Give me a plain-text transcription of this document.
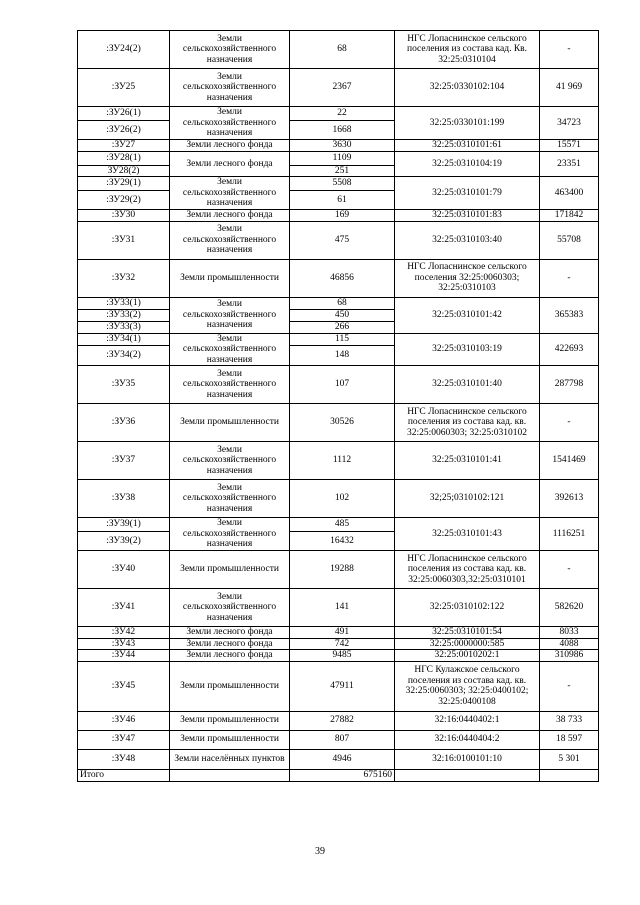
:ЗУ24(2)	Земли сельскохозяйственного назначения	68	НГС Лопаснинское сельского поселения из состава кад. Кв. 32:25:0310104	-
:ЗУ25	Земли сельскохозяйственного назначения	2367	32:25:0330102:104	41 969
:ЗУ26(1)	Земли сельскохозяйственного назначения	22	32:25:0330101:199	34723
:ЗУ26(2)		1668		
:ЗУ27	Земли лесного фонда	3630	32:25:0310101:61	15571
:ЗУ28(1)	Земли лесного фонда	1109	32:25:0310104:19	23351
ЗУ28(2)		251		
:ЗУ29(1)	Земли сельскохозяйственного назначения	5508	32:25:0310101:79	463400
:ЗУ29(2)		61		
:ЗУ30	Земли лесного фонда	169	32:25:0310101:83	171842
:ЗУ31	Земли сельскохозяйственного назначения	475	32:25:0310103:40	55708
:ЗУ32	Земли промышленности	46856	НГС Лопаснинское сельского поселения 32:25:0060303; 32:25:0310103	-
:ЗУ33(1)	Земли сельскохозяйственного назначения	68	32:25:0310101:42	365383
:ЗУ33(2)		450		
:ЗУ33(3)		266		
:ЗУ34(1)	Земли сельскохозяйственного назначения	115	32:25:0310103:19	422693
:ЗУ34(2)		148		
:ЗУ35	Земли сельскохозяйственного назначения	107	32:25:0310101:40	287798
:ЗУ36	Земли промышленности	30526	НГС Лопаснинское сельского поселения из состава кад. кв. 32:25:0060303; 32:25:0310102	-
:ЗУ37	Земли сельскохозяйственного назначения	1112	32:25:0310101:41	1541469
:ЗУ38	Земли сельскохозяйственного назначения	102	32;25;0310102:121	392613
:ЗУ39(1)	Земли сельскохозяйственного назначения	485	32:25:0310101:43	1116251
:ЗУ39(2)		16432		
:ЗУ40	Земли промышленности	19288	НГС Лопаснинское сельского поселения из состава кад. кв. 32:25:0060303,32:25:0310101	-
:ЗУ41	Земли сельскохозяйственного назначения	141	32:25:0310102:122	582620
:ЗУ42	Земли лесного фонда	491	32:25:0310101:54	8033
:ЗУ43	Земли лесного фонда	742	32:25:0000000:585	4088
:ЗУ44	Земли лесного фонда	9485	32:25:0010202:1	310986
:ЗУ45	Земли промышленности	47911	НГС Кулажское сельского поселения из состава кад. кв. 32:25:0060303; 32:25:0400102; 32:25:0400108	-
:ЗУ46	Земли промышленности	27882	32:16:0440402:1	38 733
:ЗУ47	Земли промышленности	807	32:16:0440404:2	18 597
:ЗУ48	Земли населённых пунктов	4946	32:16:0100101:10	5 301
Итого		675160		
39
